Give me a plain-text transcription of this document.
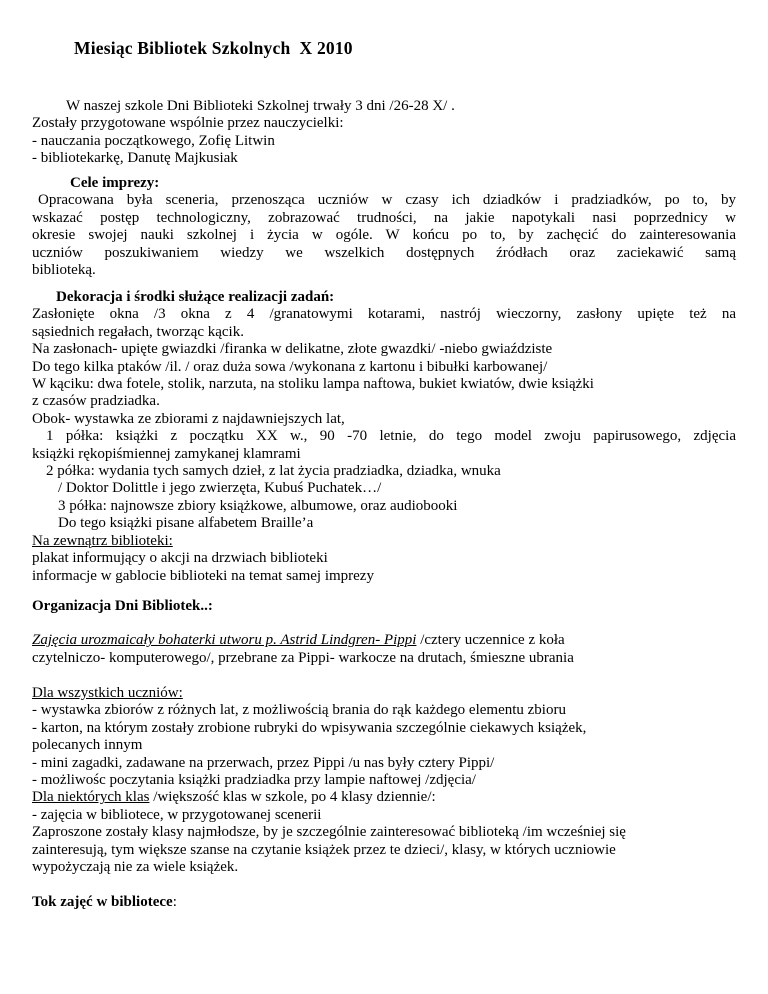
Miesiąc Bibliotek Szkolnych  X 2010
W naszej szkole Dni Biblioteki Szkolnej trwały 3 dni /26-28 X/ .
Zostały przygotowane wspólnie przez nauczycielki:
- nauczania początkowego, Zofię Litwin
- bibliotekarkę, Danutę Majkusiak
Cele imprezy:
Opracowana była sceneria, przenosząca uczniów w czasy ich dziadków i pradziadków, po to, by
wskazać postęp technologiczny, zobrazować trudności, na jakie napotykali nasi poprzednicy w
okresie swojej nauki szkolnej i życia w ogóle. W końcu po to, by zachęcić do zainteresowania
uczniów poszukiwaniem wiedzy we wszelkich dostępnych źródłach oraz zaciekawić samą
biblioteką.
Dekoracja i środki służące realizacji zadań:
Zasłonięte okna /3 okna z 4 /granatowymi kotarami, nastrój wieczorny, zasłony upięte też na
sąsiednich regałach, tworząc kącik.
Na zasłonach- upięte gwiazdki /firanka w delikatne, złote gwazdki/ -niebo gwiaździste
Do tego kilka ptaków /il. / oraz duża sowa /wykonana z kartonu i bibułki karbowanej/
W kąciku: dwa fotele, stolik, narzuta, na stoliku lampa naftowa, bukiet kwiatów, dwie książki
z czasów pradziadka.
Obok- wystawka ze zbiorami z najdawniejszych lat,
1 półka: książki z początku XX w., 90 -70 letnie, do tego model zwoju papirusowego, zdjęcia
książki rękopiśmiennej zamykanej klamrami
2 półka: wydania tych samych dzieł, z lat życia pradziadka, dziadka, wnuka
/ Doktor Dolittle i jego zwierzęta, Kubuś Puchatek…/
3 półka: najnowsze zbiory książkowe, albumowe, oraz audiobooki
Do tego książki pisane alfabetem Braille’a
Na zewnątrz biblioteki:
plakat informujący o akcji na drzwiach biblioteki
informacje w gablocie biblioteki na temat samej imprezy
Organizacja Dni Bibliotek..:
Zajęcia urozmaicały bohaterki utworu p. Astrid Lindgren- Pippi /cztery uczennice z koła
czytelniczo- komputerowego/, przebrane za Pippi- warkocze na drutach, śmieszne ubrania
Dla wszystkich uczniów:
- wystawka zbiorów z różnych lat, z możliwością brania do rąk każdego elementu zbioru
- karton, na którym zostały zrobione rubryki do wpisywania szczególnie ciekawych książek,
polecanych innym
- mini zagadki, zadawane na przerwach, przez Pippi /u nas były cztery Pippi/
- możliwośc poczytania książki pradziadka przy lampie naftowej /zdjęcia/
Dla niektórych klas /większość klas w szkole, po 4 klasy dziennie/:
- zajęcia w bibliotece, w przygotowanej scenerii
Zaproszone zostały klasy najmłodsze, by je szczególnie zainteresować biblioteką /im wcześniej się
zainteresują, tym większe szanse na czytanie książek przez te dzieci/, klasy, w których uczniowie
wypożyczają nie za wiele książek.
Tok zajęć w bibliotece:
